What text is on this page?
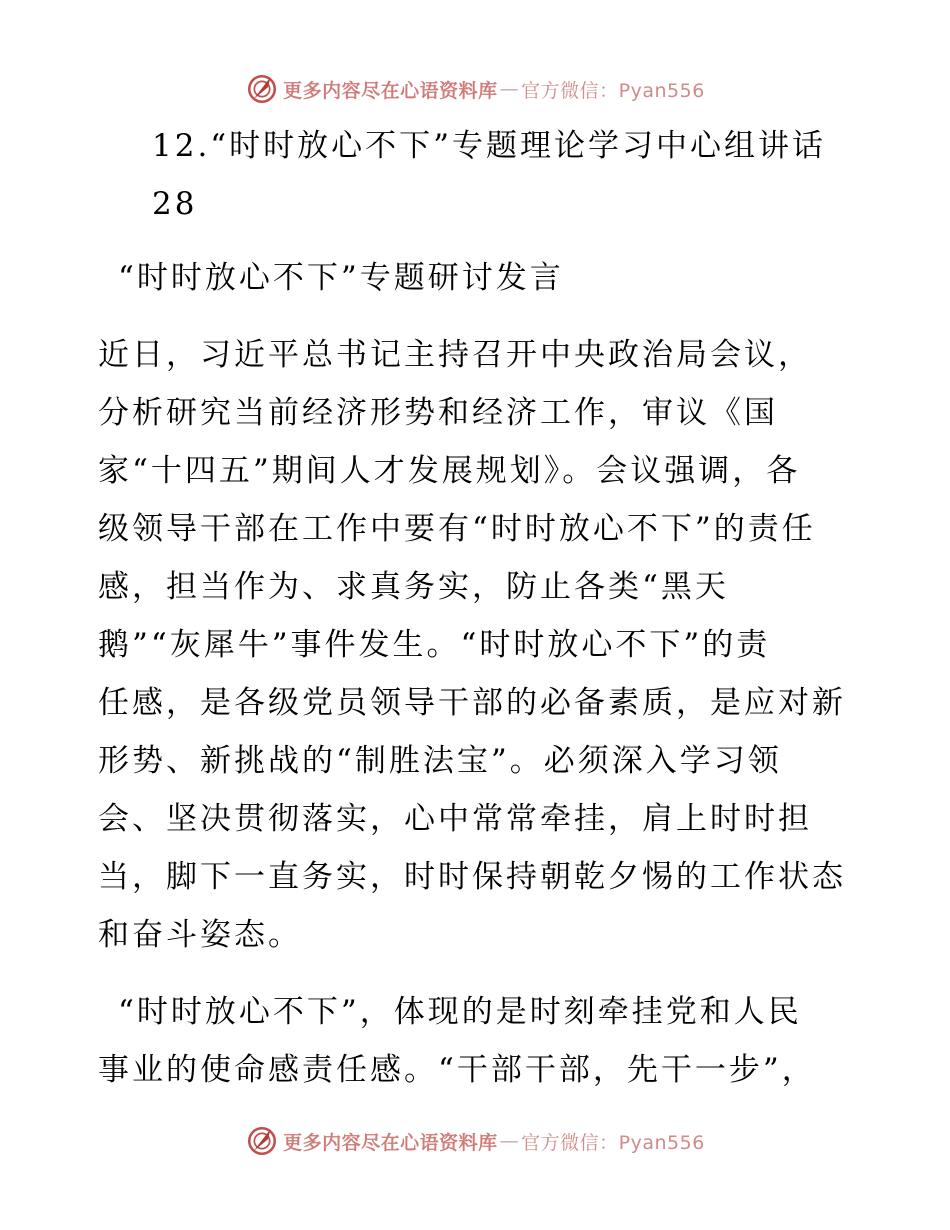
更多内容尽在心语资料库 — 官方微信：Pyan556
12.“时时放心不下”专题理论学习中心组讲话
28
“时时放心不下”专题研讨发言
近日，习近平总书记主持召开中央政治局会议，
分析研究当前经济形势和经济工作，审议《国
家“十四五”期间人才发展规划》。会议强调，各
级领导干部在工作中要有“时时放心不下”的责任
感，担当作为、求真务实，防止各类“黑天
鹅”“灰犀牛”事件发生。“时时放心不下”的责
任感，是各级党员领导干部的必备素质，是应对新
形势、新挑战的“制胜法宝”。必须深入学习领
会、坚决贯彻落实，心中常常牵挂，肩上时时担
当，脚下一直务实，时时保持朝乾夕惕的工作状态
和奋斗姿态。
“时时放心不下”，体现的是时刻牵挂党和人民
事业的使命感责任感。“干部干部，先干一步”，
更多内容尽在心语资料库 — 官方微信：Pyan556
